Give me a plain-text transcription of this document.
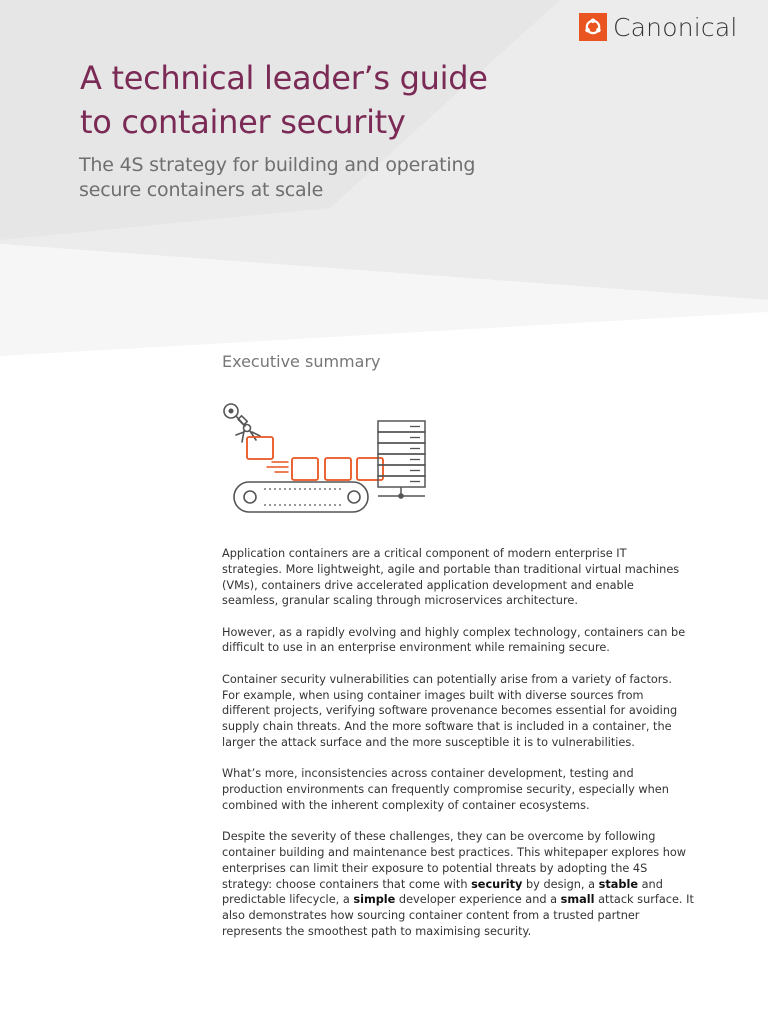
Canonical
A technical leader’s guide
to container security
The 4S strategy for building and operating
secure containers at scale
Executive summary

Application containers are a critical component of modern enterprise IT
strategies. More lightweight, agile and portable than traditional virtual machines
(VMs), containers drive accelerated application development and enable
seamless, granular scaling through microservices architecture.

However, as a rapidly evolving and highly complex technology, containers can be
difficult to use in an enterprise environment while remaining secure.

Container security vulnerabilities can potentially arise from a variety of factors.
For example, when using container images built with diverse sources from
different projects, verifying software provenance becomes essential for avoiding
supply chain threats. And the more software that is included in a container, the
larger the attack surface and the more susceptible it is to vulnerabilities.

What’s more, inconsistencies across container development, testing and
production environments can frequently compromise security, especially when
combined with the inherent complexity of container ecosystems.

Despite the severity of these challenges, they can be overcome by following
container building and maintenance best practices. This whitepaper explores how
enterprises can limit their exposure to potential threats by adopting the 4S
strategy: choose containers that come with security by design, a stable and
predictable lifecycle, a simple developer experience and a small attack surface. It
also demonstrates how sourcing container content from a trusted partner
represents the smoothest path to maximising security.
